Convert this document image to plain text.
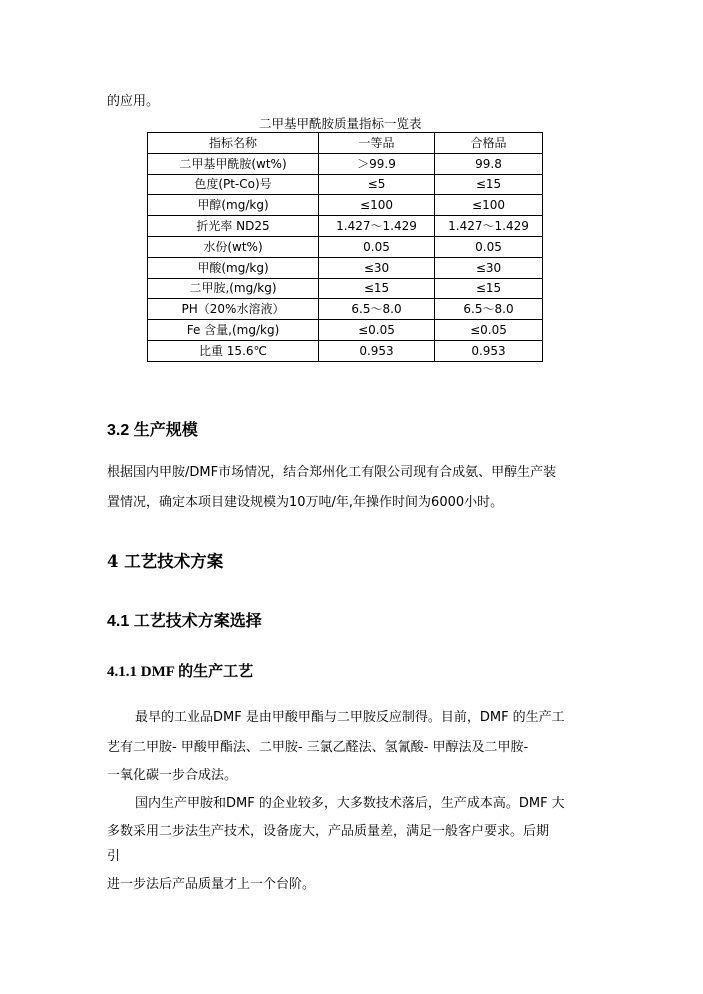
的应用。
二甲基甲酰胺质量指标一览表
指标名称	一等品	合格品
二甲基甲酰胺(wt%)	＞99.9	99.8
色度(Pt-Co)号	≤5	≤15
甲醇(mg/kg)	≤100	≤100
折光率 ND25	1.427～1.429	1.427～1.429
水份(wt%)	0.05	0.05
甲酸(mg/kg)	≤30	≤30
二甲胺,(mg/kg)	≤15	≤15
PH（20%水溶液）	6.5～8.0	6.5～8.0
Fe 含量,(mg/kg)	≤0.05	≤0.05
比重 15.6℃	0.953	0.953
3.2 生产规模
根据国内甲胺/DMF市场情况，结合郑州化工有限公司现有合成氨、甲醇生产装
置情况，确定本项目建设规模为10万吨/年,年操作时间为6000小时。
4 工艺技术方案
4.1 工艺技术方案选择
4.1.1 DMF 的生产工艺
最早的工业品DMF 是由甲酸甲酯与二甲胺反应制得。目前，DMF 的生产工
艺有二甲胺- 甲酸甲酯法、二甲胺- 三氯乙醛法、氢氰酸- 甲醇法及二甲胺-
一氧化碳一步合成法。
国内生产甲胺和DMF 的企业较多，大多数技术落后，生产成本高。DMF 大
多数采用二步法生产技术，设备庞大，产品质量差，满足一般客户要求。后期
引
进一步法后产品质量才上一个台阶。
